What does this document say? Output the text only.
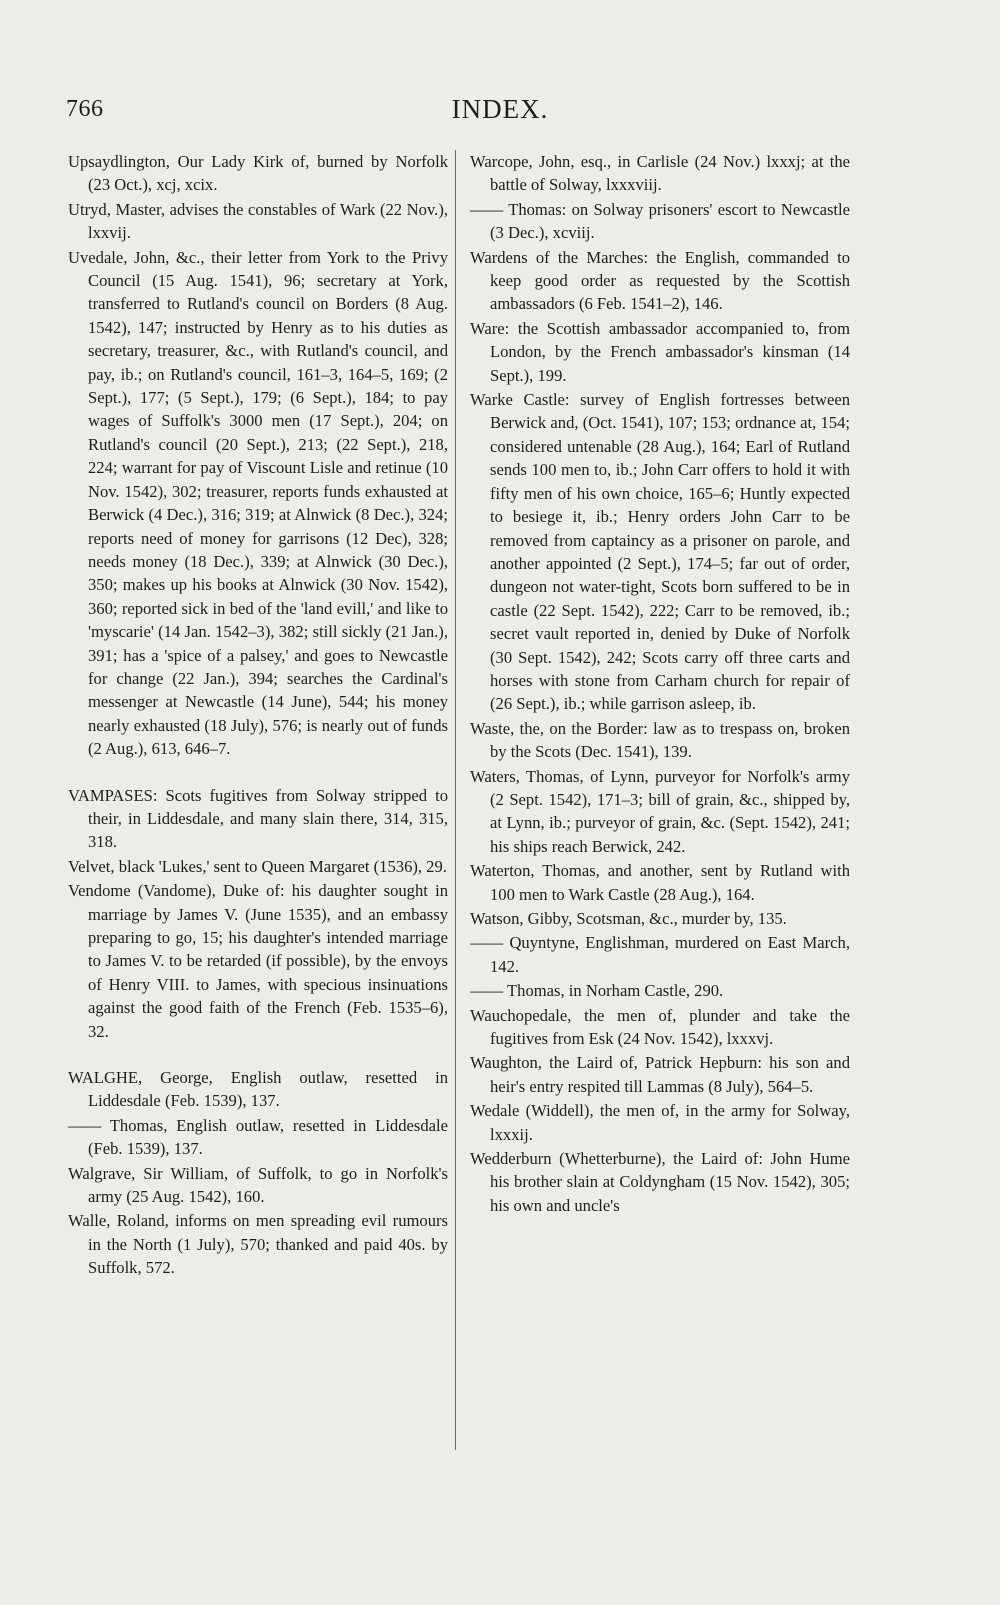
766	INDEX.

Upsaydlington, Our Lady Kirk of, burned by Norfolk (23 Oct.), xcj, xcix.

Utryd, Master, advises the constables of Wark (22 Nov.), lxxvij.

Uvedale, John, &c., their letter from York to the Privy Council (15 Aug. 1541), 96; secretary at York, transferred to Rutland's council on Borders (8 Aug. 1542), 147; instructed by Henry as to his duties as secretary, treasurer, &c., with Rutland's council, and pay, ib.; on Rutland's council, 161–3, 164–5, 169; (2 Sept.), 177; (5 Sept.), 179; (6 Sept.), 184; to pay wages of Suffolk's 3000 men (17 Sept.), 204; on Rutland's council (20 Sept.), 213; (22 Sept.), 218, 224; warrant for pay of Viscount Lisle and retinue (10 Nov. 1542), 302; treasurer, reports funds exhausted at Berwick (4 Dec.), 316; 319; at Alnwick (8 Dec.), 324; reports need of money for garrisons (12 Dec), 328; needs money (18 Dec.), 339; at Alnwick (30 Dec.), 350; makes up his books at Alnwick (30 Nov. 1542), 360; reported sick in bed of the 'land evill,' and like to 'myscarie' (14 Jan. 1542–3), 382; still sickly (21 Jan.), 391; has a 'spice of a palsey,' and goes to Newcastle for change (22 Jan.), 394; searches the Cardinal's messenger at Newcastle (14 June), 544; his money nearly exhausted (18 July), 576; is nearly out of funds (2 Aug.), 613, 646–7.

VAMPASES: Scots fugitives from Solway stripped to their, in Liddesdale, and many slain there, 314, 315, 318.

Velvet, black 'Lukes,' sent to Queen Margaret (1536), 29.

Vendome (Vandome), Duke of: his daughter sought in marriage by James V. (June 1535), and an embassy preparing to go, 15; his daughter's intended marriage to James V. to be retarded (if possible), by the envoys of Henry VIII. to James, with specious insinuations against the good faith of the French (Feb. 1535–6), 32.

WALGHE, George, English outlaw, resetted in Liddesdale (Feb. 1539), 137.

—— Thomas, English outlaw, resetted in Liddesdale (Feb. 1539), 137.

Walgrave, Sir William, of Suffolk, to go in Norfolk's army (25 Aug. 1542), 160.

Walle, Roland, informs on men spreading evil rumours in the North (1 July), 570; thanked and paid 40s. by Suffolk, 572.

Warcope, John, esq., in Carlisle (24 Nov.) lxxxj; at the battle of Solway, lxxxviij.

—— Thomas: on Solway prisoners' escort to Newcastle (3 Dec.), xcviij.

Wardens of the Marches: the English, commanded to keep good order as requested by the Scottish ambassadors (6 Feb. 1541–2), 146.

Ware: the Scottish ambassador accompanied to, from London, by the French ambassador's kinsman (14 Sept.), 199.

Warke Castle: survey of English fortresses between Berwick and, (Oct. 1541), 107; 153; ordnance at, 154; considered untenable (28 Aug.), 164; Earl of Rutland sends 100 men to, ib.; John Carr offers to hold it with fifty men of his own choice, 165–6; Huntly expected to besiege it, ib.; Henry orders John Carr to be removed from captaincy as a prisoner on parole, and another appointed (2 Sept.), 174–5; far out of order, dungeon not water-tight, Scots born suffered to be in castle (22 Sept. 1542), 222; Carr to be removed, ib.; secret vault reported in, denied by Duke of Norfolk (30 Sept. 1542), 242; Scots carry off three carts and horses with stone from Carham church for repair of (26 Sept.), ib.; while garrison asleep, ib.

Waste, the, on the Border: law as to trespass on, broken by the Scots (Dec. 1541), 139.

Waters, Thomas, of Lynn, purveyor for Norfolk's army (2 Sept. 1542), 171–3; bill of grain, &c., shipped by, at Lynn, ib.; purveyor of grain, &c. (Sept. 1542), 241; his ships reach Berwick, 242.

Waterton, Thomas, and another, sent by Rutland with 100 men to Wark Castle (28 Aug.), 164.

Watson, Gibby, Scotsman, &c., murder by, 135.

—— Quyntyne, Englishman, murdered on East March, 142.

—— Thomas, in Norham Castle, 290.

Wauchopedale, the men of, plunder and take the fugitives from Esk (24 Nov. 1542), lxxxvj.

Waughton, the Laird of, Patrick Hepburn: his son and heir's entry respited till Lammas (8 July), 564–5.

Wedale (Widdell), the men of, in the army for Solway, lxxxij.

Wedderburn (Whetterburne), the Laird of: John Hume his brother slain at Coldyngham (15 Nov. 1542), 305; his own and uncle's
